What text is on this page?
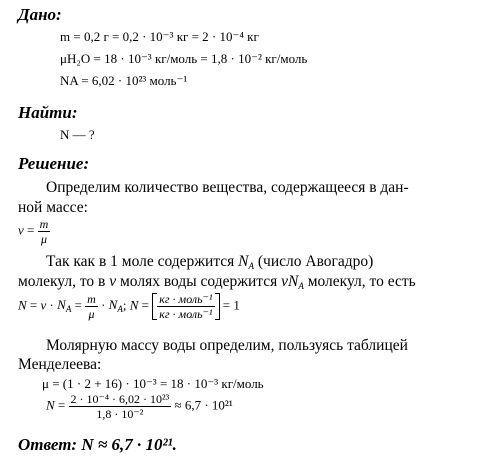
Дано:
m = 0,2 г = 0,2 · 10⁻³ кг = 2 · 10⁻⁴ кг
μH₂O = 18 · 10⁻³ кг/моль = 1,8 · 10⁻² кг/моль
NA = 6,02 · 10²³ моль⁻¹
Найти:
N — ?
Решение:
Определим количество вещества, содержащееся в дан-
ной массе:
$\nu = \frac{m}{\mu}$
Так как в 1 моле содержится $N_A$ (число Авогадро)
молекул, то в ν молях воды содержится $\nu N_A$ молекул, то есть
$N = \nu \cdot N_A = \frac{m}{\mu} \cdot N_A$; $N = \frac{\text{кг · моль⁻¹}}{\text{кг · моль⁻¹}} = 1$
Молярную массу воды определим, пользуясь таблицей
Менделеева:
μ = (1 · 2 + 16) · 10⁻³ = 18 · 10⁻³ кг/моль
$N = \frac{\text{2 · 10⁻⁴ · 6,02 · 10²³}}{\text{1,8 · 10⁻²}} \approx 6,7 \cdot 10^{21}$
Ответ: N ≈ 6,7 · 10²¹.
